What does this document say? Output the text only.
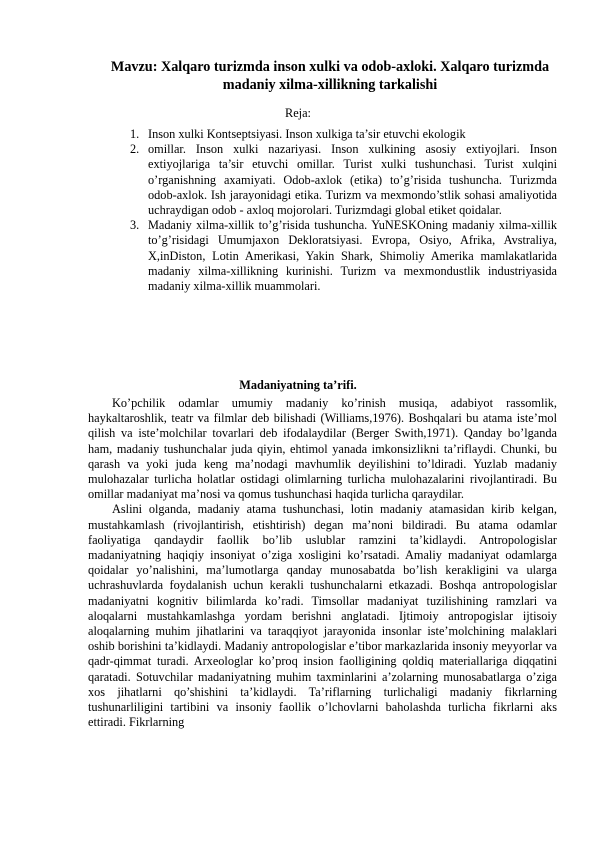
Mavzu: Xalqaro turizmda inson xulki va odob-axloki. Xalqaro turizmda madaniy xilma-xillikning tarkalishi
Reja:
1. Inson xulki Kontseptsiyasi. Inson xulkiga ta’sir etuvchi ekologik
2. omillar. Inson xulki nazariyasi. Inson xulkining asosiy extiyojlari. Inson extiyojlariga ta’sir etuvchi omillar. Turist xulki tushunchasi. Turist xulqini o’rganishning axamiyati. Odob-axlok (etika) to’g’risida tushuncha. Turizmda odob-axlok. Ish jarayonidagi etika. Turizm va mexmondo’stlik sohasi amaliyotida uchraydigan odob - axloq mojorolari. Turizmdagi global etiket qoidalar.
3. Madaniy xilma-xillik to’g’risida tushuncha. YuNESKOning madaniy xilma-xillik to’g’risidagi Umumjaxon Dekloratsiyasi. Evropa, Osiyo, Afrika, Avstraliya, X,inDiston, Lotin Amerikasi, Yakin Shark, Shimoliy Amerika mamlakatlarida madaniy xilma-xillikning kurinishi. Turizm va mexmondustlik industriyasida madaniy xilma-xillik muammolari.
Madaniyatning ta’rifi.

Ko’pchilik odamlar umumiy madaniy ko’rinish musiqa, adabiyot rassomlik, haykaltaroshlik, teatr va filmlar deb bilishadi (Williams,1976). Boshqalari bu atama iste’mol qilish va iste’molchilar tovarlari deb ifodalaydilar (Berger Swith,1971). Qanday bo’lganda ham, madaniy tushunchalar juda qiyin, ehtimol yanada imkonsizlikni ta’riflaydi. Chunki, bu qarash va yoki juda keng ma’nodagi mavhumlik deyilishini to’ldiradi. Yuzlab madaniy mulohazalar turlicha holatlar ostidagi olimlarning turlicha mulohazalarini rivojlantiradi. Bu omillar madaniyat ma’nosi va qomus tushunchasi haqida turlicha qaraydilar.

Aslini olganda, madaniy atama tushunchasi, lotin madaniy atamasidan kirib kelgan, mustahkamlash (rivojlantirish, etishtirish) degan ma’noni bildiradi. Bu atama odamlar faoliyatiga qandaydir faollik bo’lib uslublar ramzini ta’kidlaydi. Antropologislar madaniyatning haqiqiy insoniyat o’ziga xosligini ko’rsatadi. Amaliy madaniyat odamlarga qoidalar yo’nalishini, ma’lumotlarga qanday munosabatda bo’lish kerakligini va ularga uchrashuvlarda foydalanish uchun kerakli tushunchalarni etkazadi. Boshqa antropologislar madaniyatni kognitiv bilimlarda ko’radi. Timsollar madaniyat tuzilishining ramzlari va aloqalarni mustahkamlashga yordam berishni anglatadi. Ijtimoiy antropogislar ijtisoiy aloqalarning muhim jihatlarini va taraqqiyot jarayonida insonlar iste’molchining malaklari oshib borishini ta’kidlaydi. Madaniy antropologislar e’tibor markazlarida insoniy meyyorlar va qadr-qimmat turadi. Arxeologlar ko’proq insion faolligining qoldiq materiallariga diqqatini qaratadi. Sotuvchilar madaniyatning muhim taxminlarini a’zolarning munosabatlarga o’ziga xos jihatlarni qo’shishini ta’kidlaydi. Ta’riflarning turlichaligi madaniy fikrlarning tushunarliligini tartibini va insoniy faollik o’lchovlarni baholashda turlicha fikrlarni aks ettiradi. Fikrlarning
